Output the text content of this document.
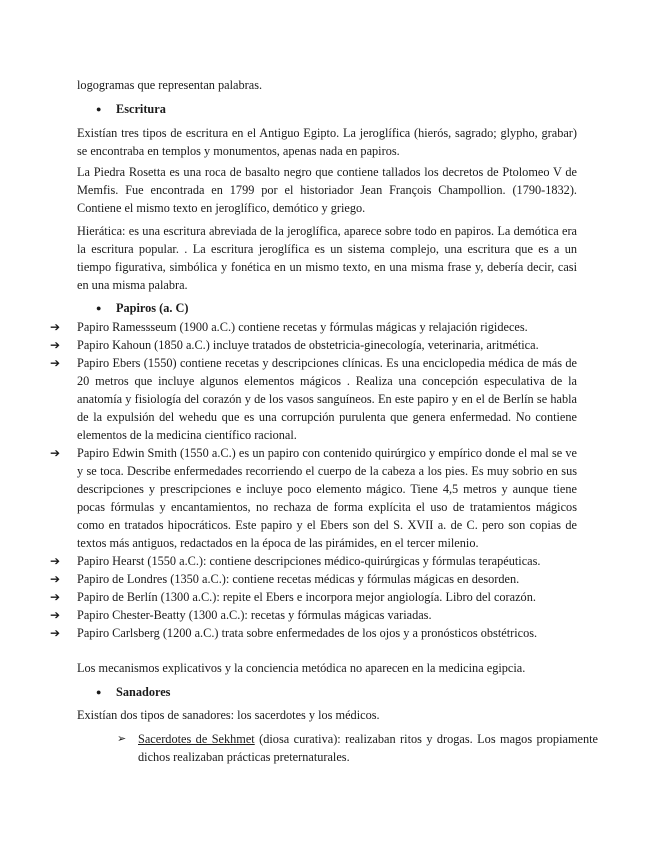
logogramas que representan palabras.

● Escritura

Existían tres tipos de escritura en el Antiguo Egipto. La jeroglífica (hierós, sagrado; glypho, grabar) se encontraba en templos y monumentos, apenas nada en papiros.

La Piedra Rosetta es una roca de basalto negro que contiene tallados los decretos de Ptolomeo V de Memfis. Fue encontrada en 1799 por el historiador Jean François Champollion. (1790-1832). Contiene el mismo texto en jeroglífico, demótico y griego.

Hierática: es una escritura abreviada de la jeroglífica, aparece sobre todo en papiros. La demótica era la escritura popular. . La escritura jeroglífica es un sistema complejo, una escritura que es a un tiempo figurativa, simbólica y fonética en un mismo texto, en una misma frase y, debería decir, casi en una misma palabra.

● Papiros (a. C)
➔	Papiro Ramessseum (1900 a.C.) contiene recetas y fórmulas mágicas y relajación rigideces.
➔	Papiro Kahoun (1850 a.C.) incluye tratados de obstetricia-ginecología, veterinaria, aritmética.
➔	Papiro Ebers (1550) contiene recetas y descripciones clínicas. Es una enciclopedia médica de más de 20 metros que incluye algunos elementos mágicos . Realiza una concepción especulativa de la anatomía y fisiología del corazón y de los vasos sanguíneos. En este papiro y en el de Berlín se habla de la expulsión del wehedu que es una corrupción purulenta que genera enfermedad. No contiene elementos de la medicina científico racional.
➔	Papiro Edwin Smith (1550 a.C.) es un papiro con contenido quirúrgico y empírico donde el mal se ve y se toca. Describe enfermedades recorriendo el cuerpo de la cabeza a los pies. Es muy sobrio en sus descripciones y prescripciones e incluye poco elemento mágico. Tiene 4,5 metros y aunque tiene pocas fórmulas y encantamientos, no rechaza de forma explícita el uso de tratamientos mágicos como en tratados hipocráticos. Este papiro y el Ebers son del S. XVII a. de C. pero son copias de textos más antiguos, redactados en la época de las pirámides, en el tercer milenio.
➔	Papiro Hearst (1550 a.C.): contiene descripciones médico-quirúrgicas y fórmulas terapéuticas.
➔	Papiro de Londres (1350 a.C.): contiene recetas médicas y fórmulas mágicas en desorden.
➔	Papiro de Berlín (1300 a.C.): repite el Ebers e incorpora mejor angiología. Libro del corazón.
➔	Papiro Chester-Beatty (1300 a.C.): recetas y fórmulas mágicas variadas.
➔	Papiro Carlsberg (1200 a.C.) trata sobre enfermedades de los ojos y a pronósticos obstétricos.

Los mecanismos explicativos y la conciencia metódica no aparecen en la medicina egipcia.

● Sanadores

Existían dos tipos de sanadores: los sacerdotes y los médicos.

➢ Sacerdotes de Sekhmet (diosa curativa): realizaban ritos y drogas. Los magos propiamente dichos realizaban prácticas preternaturales.
